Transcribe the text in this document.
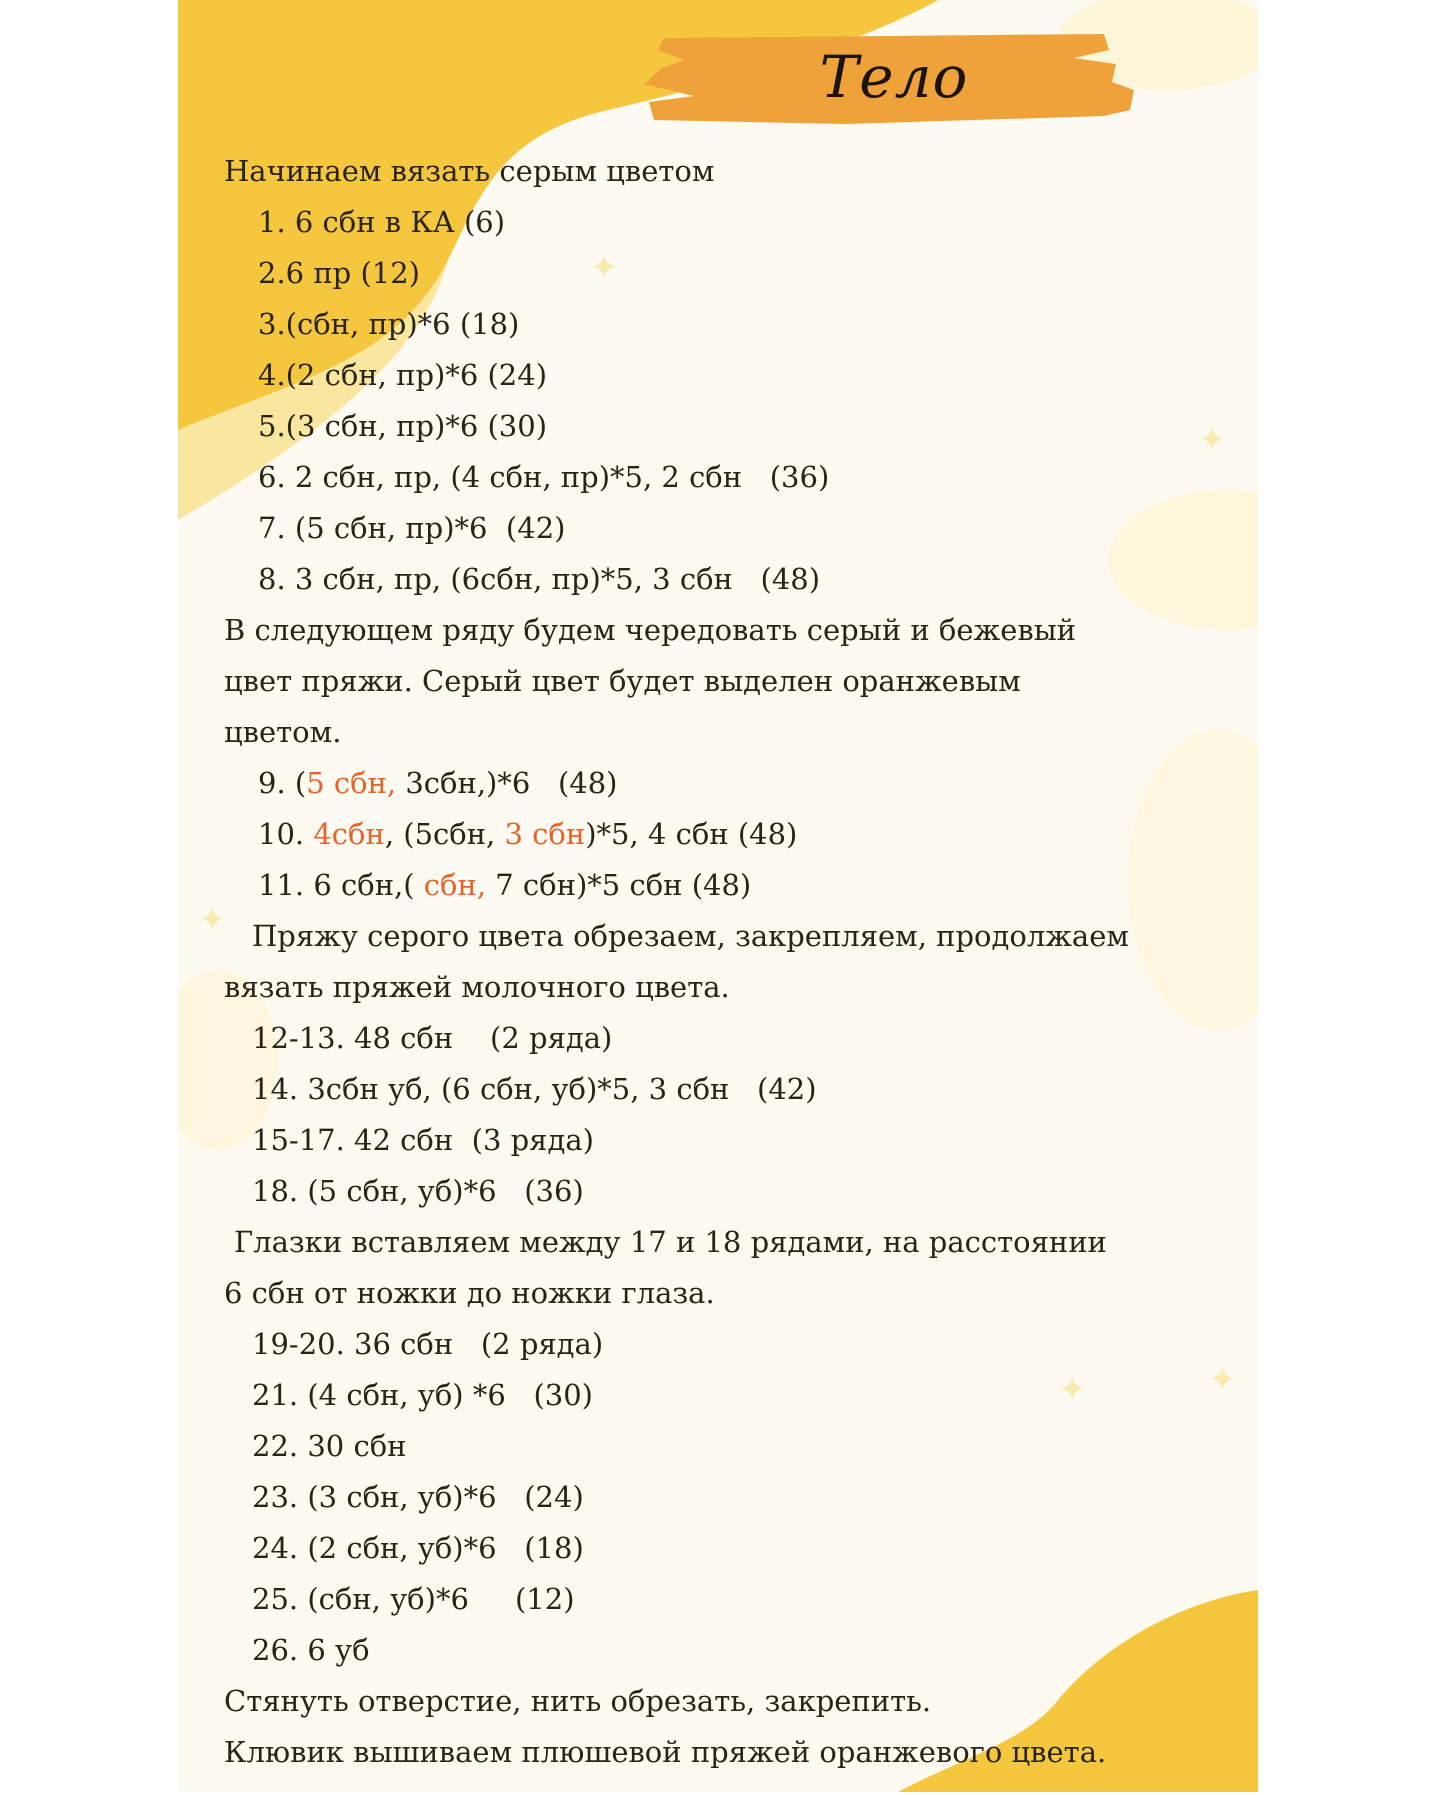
✦
✦
✦	✦
✦
Тело
Начинаем вязать серым цветом
1. 6 сбн в КА (6)
2.6 пр (12)
3.(сбн, пр)*6 (18)
4.(2 сбн, пр)*6 (24)
5.(3 сбн, пр)*6 (30)
6. 2 сбн, пр, (4 сбн, пр)*5, 2 сбн   (36)
7. (5 сбн, пр)*6  (42)
8. 3 сбн, пр, (6сбн, пр)*5, 3 сбн   (48)
В следующем ряду будем чередовать серый и бежевый
цвет пряжи. Серый цвет будет выделен оранжевым
цветом.
9. (5 сбн, 3сбн,)*6   (48)
10. 4сбн, (5сбн, 3 сбн)*5, 4 сбн (48)
11. 6 сбн,( сбн, 7 сбн)*5 сбн (48)
Пряжу серого цвета обрезаем, закрепляем, продолжаем
вязать пряжей молочного цвета.
12-13. 48 сбн    (2 ряда)
14. 3сбн уб, (6 сбн, уб)*5, 3 сбн   (42)
15-17. 42 сбн  (3 ряда)
18. (5 сбн, уб)*6   (36)
Глазки вставляем между 17 и 18 рядами, на расстоянии
6 сбн от ножки до ножки глаза.
19-20. 36 сбн   (2 ряда)
21. (4 сбн, уб) *6   (30)
22. 30 сбн
23. (3 сбн, уб)*6   (24)
24. (2 сбн, уб)*6   (18)
25. (сбн, уб)*6     (12)
26. 6 уб
Стянуть отверстие, нить обрезать, закрепить.
Клювик вышиваем плюшевой пряжей оранжевого цвета.
